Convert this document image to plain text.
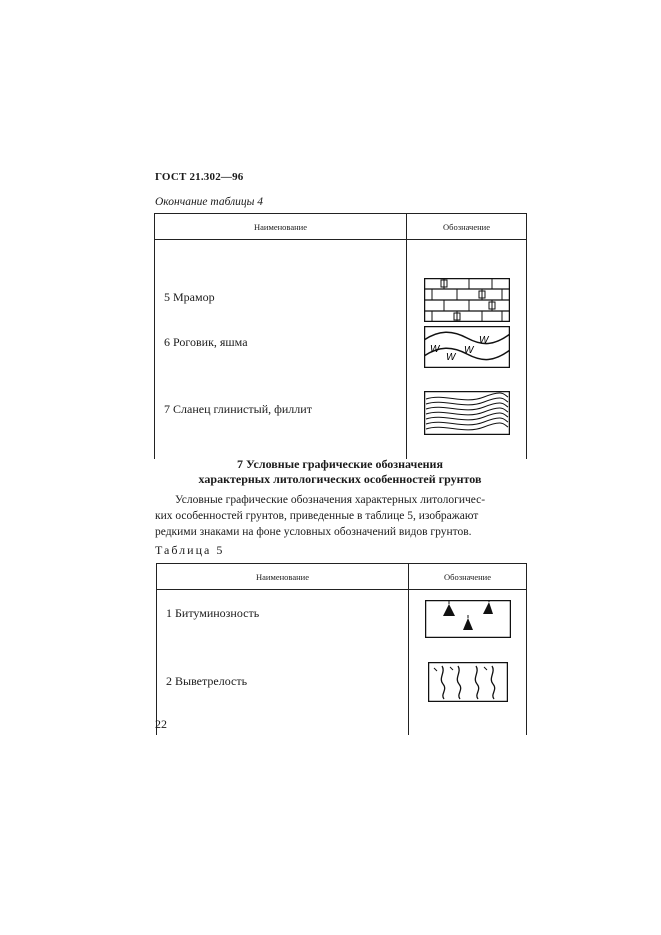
ГОСТ 21.302—96
Окончание таблицы 4
Наименование	Обозначение

5 Мрамор

6 Роговик, яшма	W
W
W
W

7 Сланец глинистый, филлит

7 Условные графические обозначения
характерных литологических особенностей грунтов
Условные графические обозначения характерных литологичес-
ких особенностей грунтов, приведенные в таблице 5, изображают
редкими знаками на фоне условных обозначений видов грунтов.
Таблица 5
Наименование	Обозначение

1 Битуминозность

2 Выветрелость

22
